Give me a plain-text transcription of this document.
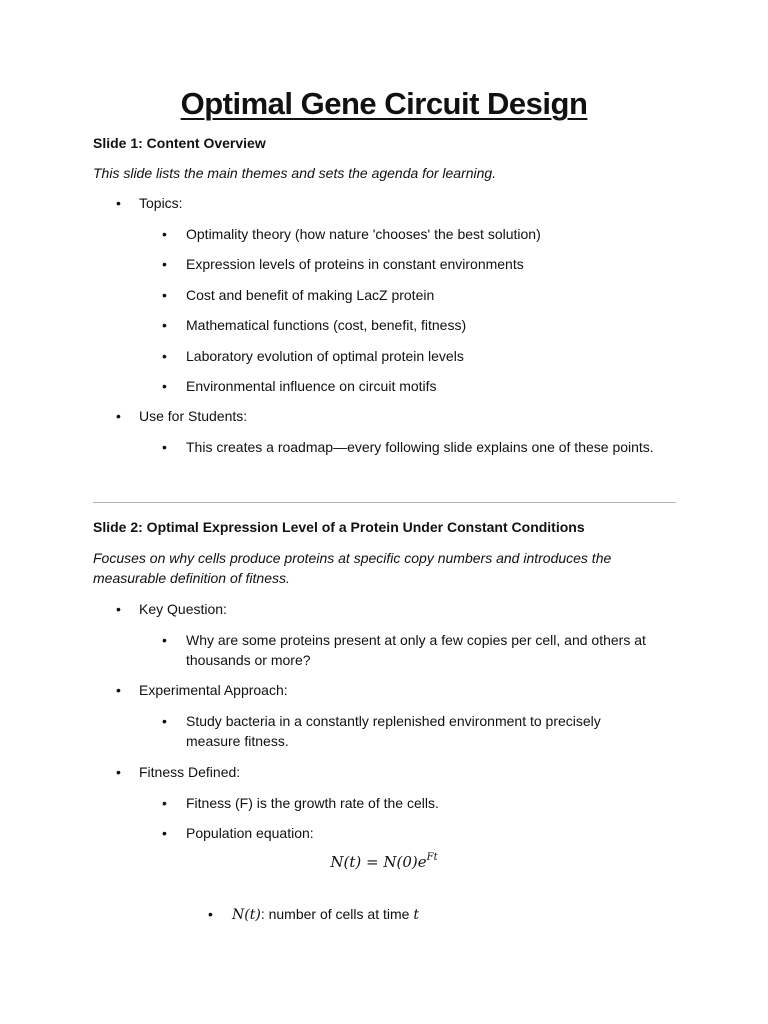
Optimal Gene Circuit Design
Slide 1: Content Overview
This slide lists the main themes and sets the agenda for learning.
• Topics:
• Optimality theory (how nature 'chooses' the best solution)
• Expression levels of proteins in constant environments
• Cost and benefit of making LacZ protein
• Mathematical functions (cost, benefit, fitness)
• Laboratory evolution of optimal protein levels
• Environmental influence on circuit motifs
• Use for Students:
• This creates a roadmap—every following slide explains one of these points.
Slide 2: Optimal Expression Level of a Protein Under Constant Conditions
Focuses on why cells produce proteins at specific copy numbers and introduces the measurable definition of fitness.
• Key Question:
• Why are some proteins present at only a few copies per cell, and others at thousands or more?
• Experimental Approach:
• Study bacteria in a constantly replenished environment to precisely measure fitness.
• Fitness Defined:
• Fitness (F) is the growth rate of the cells.
• Population equation:
$N(t) = N(0)e^{Ft}$
• N(t): number of cells at time t
